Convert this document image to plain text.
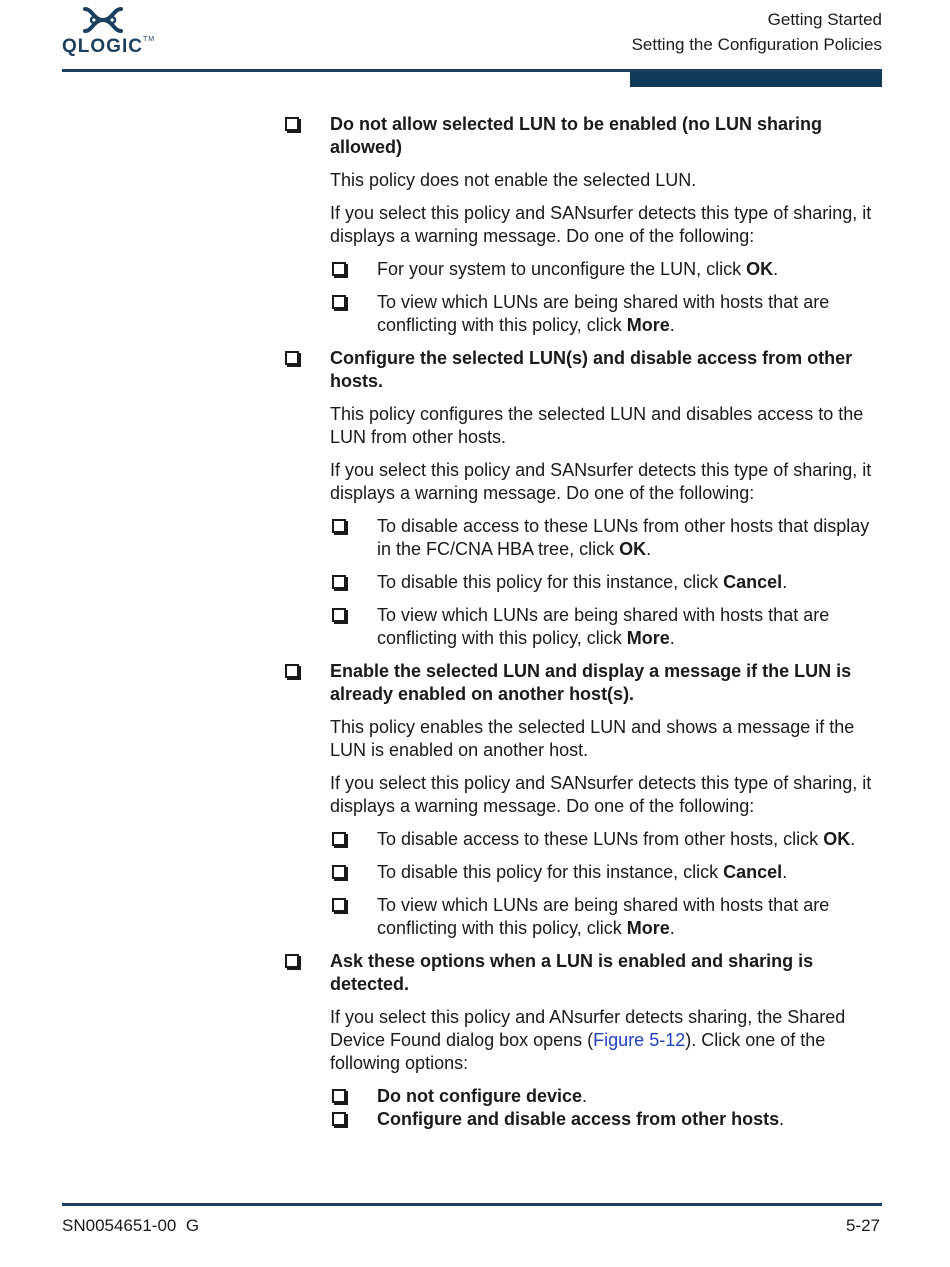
QLOGIC™
Getting Started
Setting the Configuration Policies

Do not allow selected LUN to be enabled (no LUN sharing allowed)

This policy does not enable the selected LUN.

If you select this policy and SANsurfer detects this type of sharing, it displays a warning message. Do one of the following:

For your system to unconfigure the LUN, click OK.
To view which LUNs are being shared with hosts that are conflicting with this policy, click More.

Configure the selected LUN(s) and disable access from other hosts.

This policy configures the selected LUN and disables access to the LUN from other hosts.

If you select this policy and SANsurfer detects this type of sharing, it displays a warning message. Do one of the following:

To disable access to these LUNs from other hosts that display in the FC/CNA HBA tree, click OK.
To disable this policy for this instance, click Cancel.
To view which LUNs are being shared with hosts that are conflicting with this policy, click More.

Enable the selected LUN and display a message if the LUN is already enabled on another host(s).

This policy enables the selected LUN and shows a message if the LUN is enabled on another host.

If you select this policy and SANsurfer detects this type of sharing, it displays a warning message. Do one of the following:

To disable access to these LUNs from other hosts, click OK.
To disable this policy for this instance, click Cancel.
To view which LUNs are being shared with hosts that are conflicting with this policy, click More.

Ask these options when a LUN is enabled and sharing is detected.

If you select this policy and ANsurfer detects sharing, the Shared Device Found dialog box opens (Figure 5-12). Click one of the following options:

Do not configure device.
Configure and disable access from other hosts.
SN0054651-00  G	5-27
